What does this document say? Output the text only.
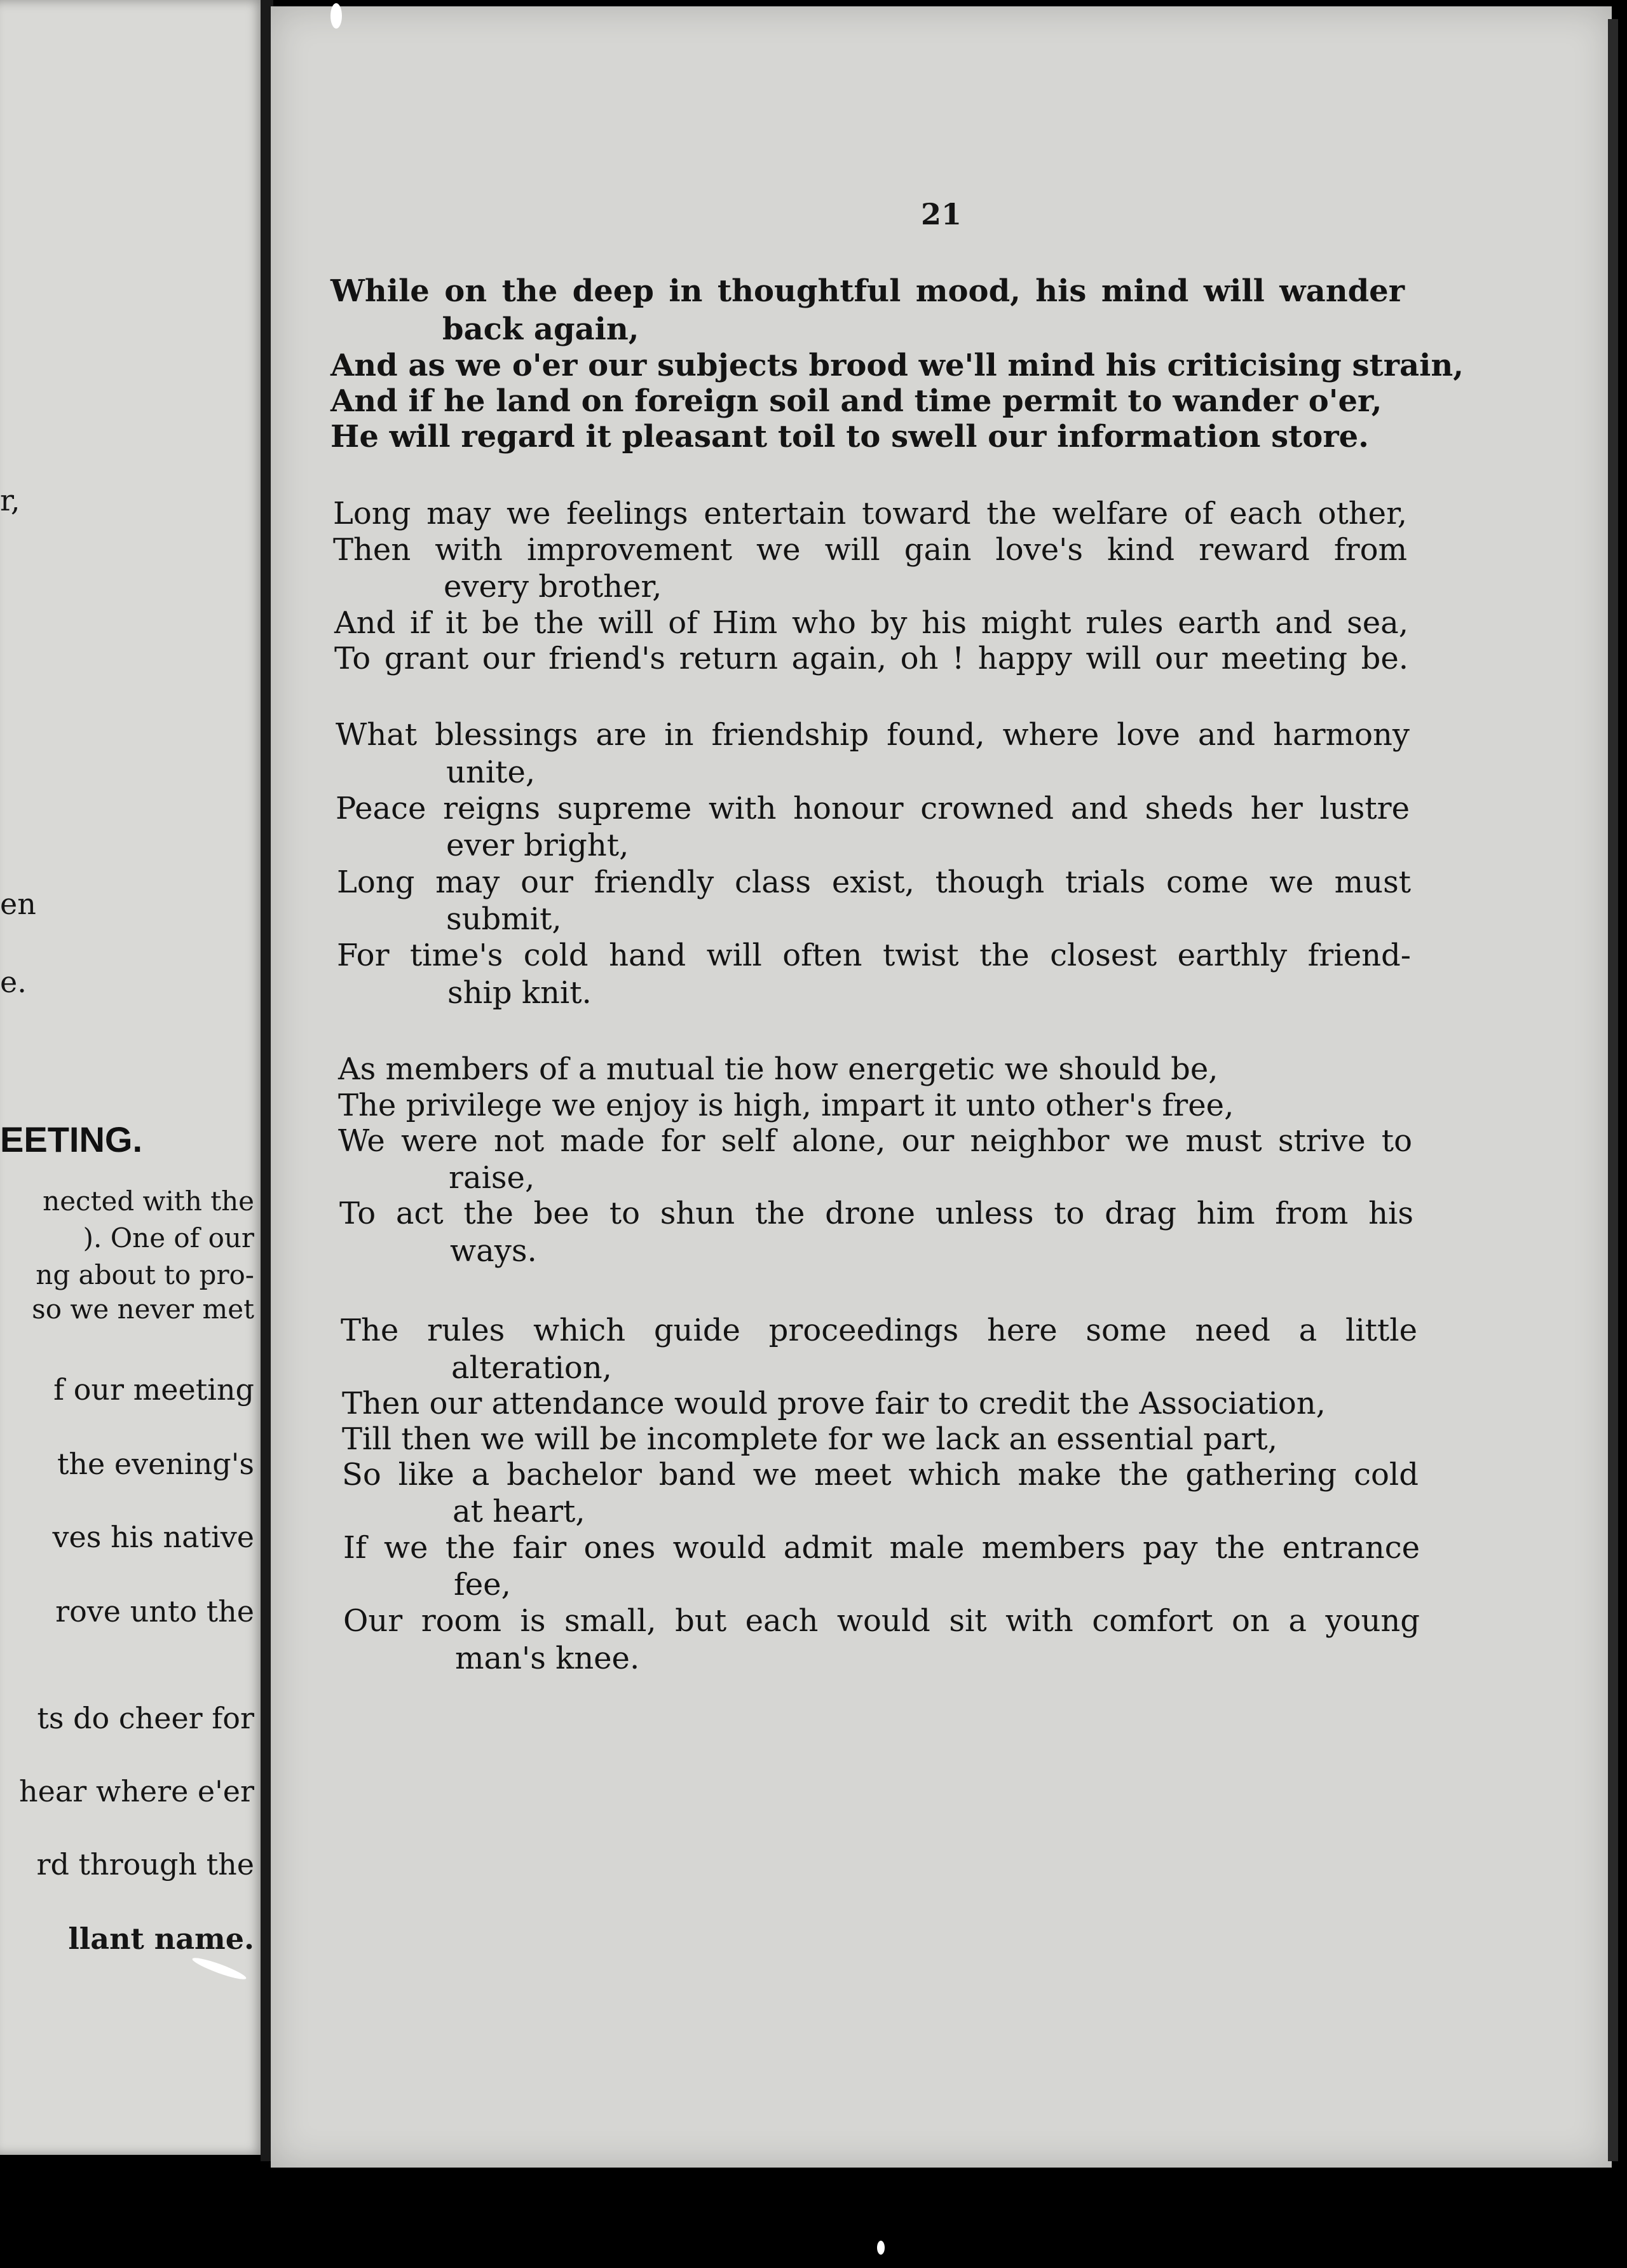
r,
en
e.
EETING.
nected with the
). One of our
ng about to pro-
so we never met
f our meeting
the evening's
ves his native
rove unto the
ts do cheer for
hear where e'er
rd through the
llant name.
21
While on the deep in thoughtful mood, his mind will wander
back again,
And as we o'er our subjects brood we'll mind his criticising strain,
And if he land on foreign soil and time permit to wander o'er,
He will regard it pleasant toil to swell our information store.
Long may we feelings entertain toward the welfare of each other,
Then with improvement we will gain love's kind reward from
every brother,
And if it be the will of Him who by his might rules earth and sea,
To grant our friend's return again, oh ! happy will our meeting be.
What blessings are in friendship found, where love and harmony
unite,
Peace reigns supreme with honour crowned and sheds her lustre
ever bright,
Long may our friendly class exist, though trials come we must
submit,
For time's cold hand will often twist the closest earthly friend-
ship knit.
As members of a mutual tie how energetic we should be,
The privilege we enjoy is high, impart it unto other's free,
We were not made for self alone, our neighbor we must strive to
raise,
To act the bee to shun the drone unless to drag him from his
ways.
The rules which guide proceedings here some need a little
alteration,
Then our attendance would prove fair to credit the Association,
Till then we will be incomplete for we lack an essential part,
So like a bachelor band we meet which make the gathering cold
at heart,
If we the fair ones would admit male members pay the entrance
fee,
Our room is small, but each would sit with comfort on a young
man's knee.
